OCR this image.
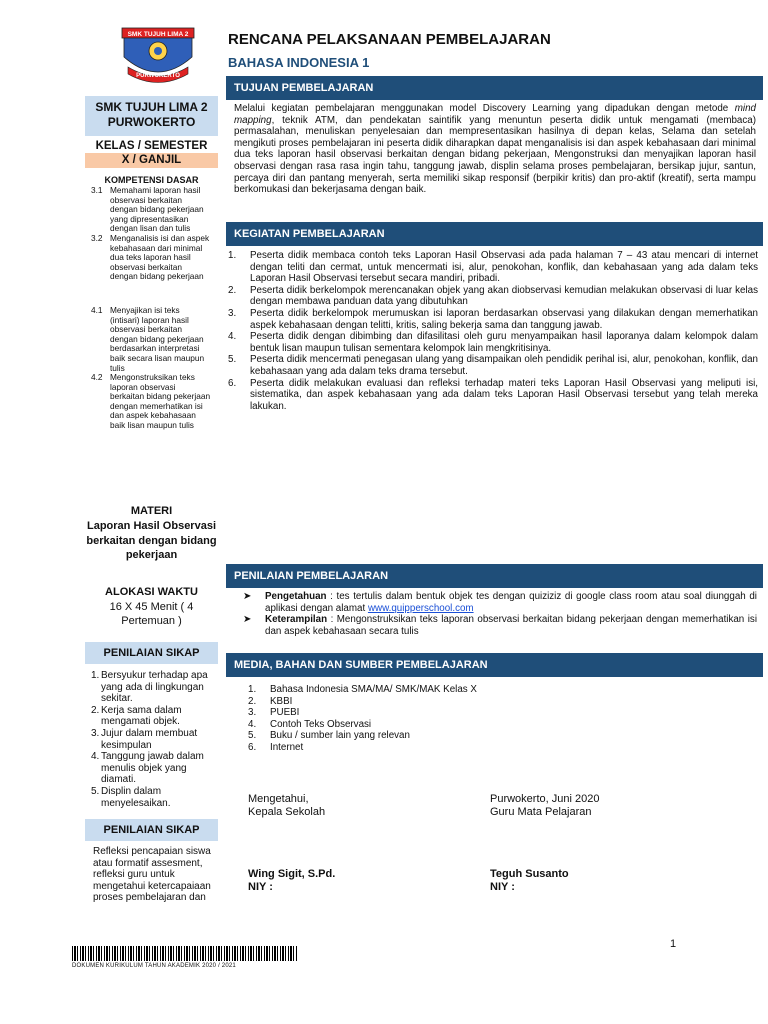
SMK TUJUH LIMA 2
PURWOKERTO
SMK TUJUH LIMA 2
PURWOKERTO
KELAS / SEMESTER
X / GANJIL
KOMPETENSI DASAR
3.1 Memahami laporan hasil observasi berkaitan dengan bidang pekerjaan yang dipresentasikan dengan lisan dan tulis
3.2 Menganalisis isi dan aspek kebahasaan dari minimal dua teks laporan hasil observasi berkaitan dengan bidang pekerjaan
4.1 Menyajikan isi teks (intisari) laporan hasil observasi berkaitan dengan bidang pekerjaan berdasarkan interpretasi baik secara lisan maupun tulis
4.2 Mengonstruksikan teks laporan observasi berkaitan bidang pekerjaan dengan memerhatikan isi dan aspek kebahasaan baik lisan maupun tulis
MATERI
Laporan Hasil Observasi berkaitan dengan bidang pekerjaan
ALOKASI WAKTU
16 X 45 Menit ( 4 Pertemuan )
PENILAIAN SIKAP
1. Bersyukur terhadap apa yang ada di lingkungan sekitar.
2. Kerja sama dalam mengamati objek.
3. Jujur dalam membuat kesimpulan
4. Tanggung jawab dalam menulis objek yang diamati.
5. Displin dalam menyelesaikan.
PENILAIAN SIKAP
Refleksi pencapaian siswa atau formatif assesment, refleksi guru untuk mengetahui ketercapaiaan proses pembelajaran dan
RENCANA PELAKSANAAN PEMBELAJARAN
BAHASA INDONESIA 1
TUJUAN PEMBELAJARAN
Melalui kegiatan pembelajaran menggunakan model Discovery Learning yang dipadukan dengan metode mind mapping, teknik ATM, dan pendekatan saintifik yang menuntun peserta didik untuk mengamati (membaca) permasalahan, menuliskan penyelesaian dan mempresentasikan hasilnya di depan kelas, Selama dan setelah mengikuti proses pembelajaran ini peserta didik diharapkan dapat menganalisis isi dan aspek kebahasaan dari minimal dua teks laporan hasil observasi berkaitan dengan bidang pekerjaan, Mengonstruksi dan menyajikan laporan hasil observasi dengan rasa rasa ingin tahu, tanggung jawab, displin selama proses pembelajaran, bersikap jujur, santun, percaya diri dan pantang menyerah, serta memiliki sikap responsif (berpikir kritis) dan pro-aktif (kreatif), serta mampu berkomukasi dan bekerjasama dengan baik.
KEGIATAN PEMBELAJARAN
1.	Peserta didik membaca contoh teks Laporan Hasil Observasi ada pada halaman 7 – 43 atau mencari di internet dengan teliti dan cermat, untuk mencermati isi, alur, penokohan, konflik, dan kebahasaan yang ada dalam teks Laporan Hasil Observasi tersebut secara mandiri, pribadi.
2.	Peserta didik berkelompok merencanakan objek yang akan diobservasi kemudian melakukan observasi di luar kelas dengan membawa panduan data yang dibutuhkan
3.	Peserta didik berkelompok merumuskan isi laporan berdasarkan observasi yang dilakukan dengan memerhatikan aspek kebahasaan dengan telitti, kritis, saling bekerja sama dan tanggung jawab.
4.	Peserta didik dengan dibimbing dan difasilitasi oleh guru menyampaikan hasil laporanya dalam kelompok dalam bentuk lisan maupun tulisan sementara kelompok lain mengkritisinya.
5.	Peserta didik mencermati penegasan ulang yang disampaikan oleh pendidik perihal isi, alur, penokohan, konflik, dan kebahasaan yang ada dalam teks drama tersebut.
6.	Peserta didik melakukan evaluasi dan refleksi terhadap materi teks Laporan Hasil Observasi yang meliputi isi, sistematika, dan aspek kebahasaan yang ada dalam teks Laporan Hasil Observasi tersebut yang telah mereka lakukan.
PENILAIAN PEMBELAJARAN
➤	Pengetahuan : tes tertulis dalam bentuk objek tes dengan quiziziz di google class room atau soal diunggah di aplikasi dengan alamat www.quipperschool.com
➤	Keterampilan : Mengonstruksikan teks laporan observasi berkaitan bidang pekerjaan dengan memerhatikan isi dan aspek kebahasaan secara tulis
MEDIA, BAHAN DAN SUMBER PEMBELAJARAN
1.	Bahasa Indonesia SMA/MA/ SMK/MAK Kelas X
2.	KBBI
3.	PUEBI
4.	Contoh Teks Observasi
5.	Buku / sumber lain yang relevan
6.	Internet
Mengetahui,
Kepala Sekolah
Purwokerto, Juni 2020
Guru Mata Pelajaran
Wing Sigit, S.Pd.
NIY :
Teguh Susanto
NIY :
1
DOKUMEN KURIKULUM TAHUN AKADEMIK 2020 / 2021
